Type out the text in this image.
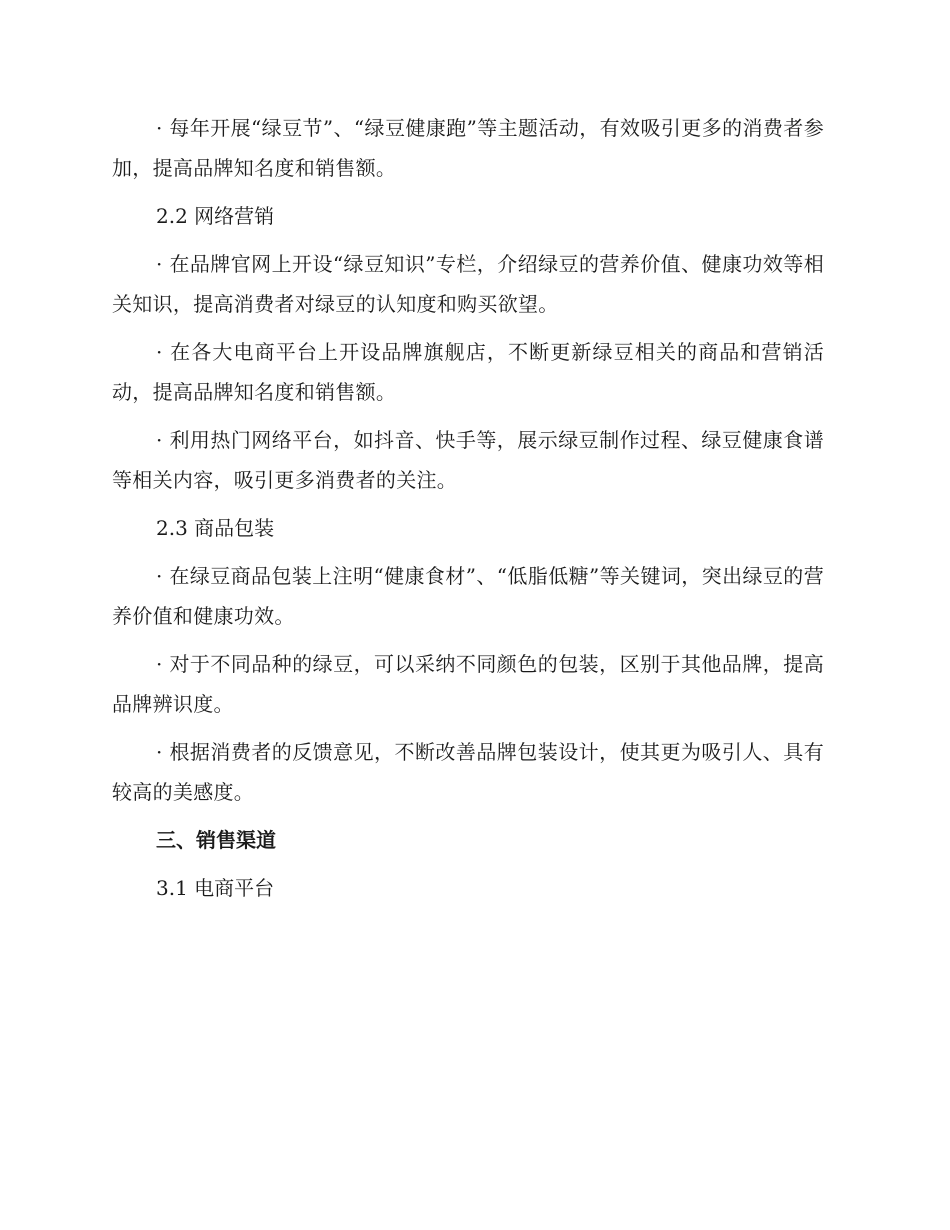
· 每年开展“绿豆节”、“绿豆健康跑”等主题活动，有效吸引更多的消费者参加，提高品牌知名度和销售额。

2.2 网络营销

· 在品牌官网上开设“绿豆知识”专栏，介绍绿豆的营养价值、健康功效等相关知识，提高消费者对绿豆的认知度和购买欲望。

· 在各大电商平台上开设品牌旗舰店，不断更新绿豆相关的商品和营销活动，提高品牌知名度和销售额。

· 利用热门网络平台，如抖音、快手等，展示绿豆制作过程、绿豆健康食谱等相关内容，吸引更多消费者的关注。

2.3 商品包装

· 在绿豆商品包装上注明“健康食材”、“低脂低糖”等关键词，突出绿豆的营养价值和健康功效。

· 对于不同品种的绿豆，可以采纳不同颜色的包装，区别于其他品牌，提高品牌辨识度。

· 根据消费者的反馈意见，不断改善品牌包装设计，使其更为吸引人、具有较高的美感度。

三、销售渠道

3.1 电商平台
